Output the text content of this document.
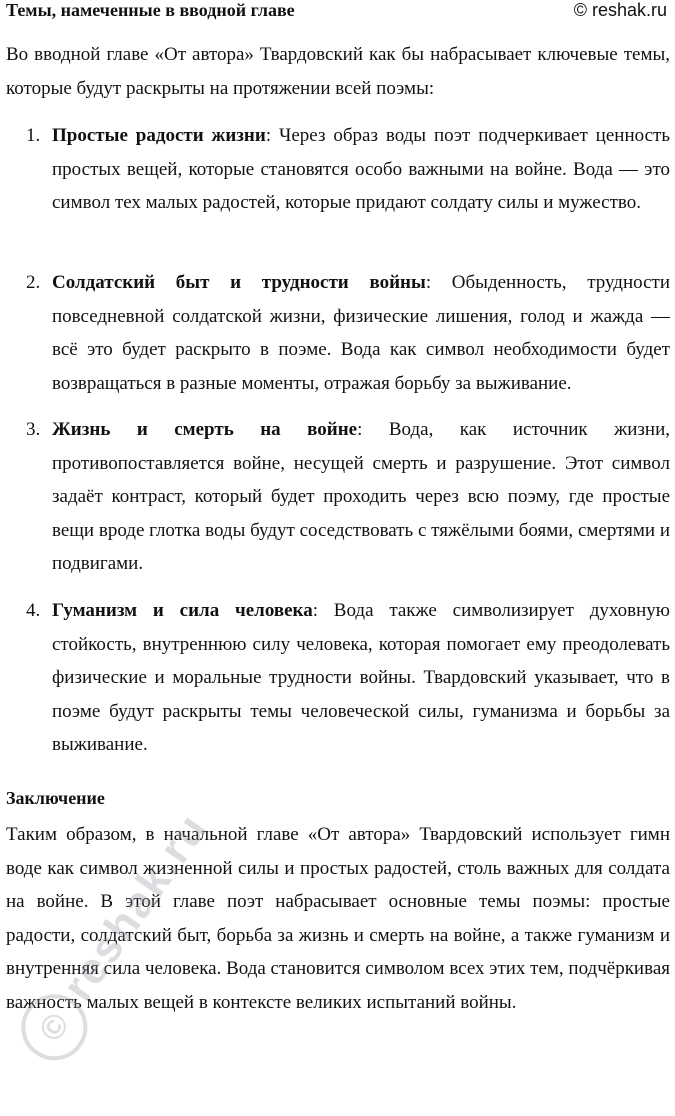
Темы, намеченные в вводной главе	© reshak.ru

Во вводной главе «От автора» Твардовский как бы набрасывает ключевые темы, которые будут раскрыты на протяжении всей поэмы:

1. Простые радости жизни: Через образ воды поэт подчеркивает ценность простых вещей, которые становятся особо важными на войне. Вода — это символ тех малых радостей, которые придают солдату силы и мужество.
2. Солдатский быт и трудности войны: Обыденность, трудности повседневной солдатской жизни, физические лишения, голод и жажда — всё это будет раскрыто в поэме. Вода как символ необходимости будет возвращаться в разные моменты, отражая борьбу за выживание.
3. Жизнь и смерть на войне: Вода, как источник жизни, противопоставляется войне, несущей смерть и разрушение. Этот символ задаёт контраст, который будет проходить через всю поэму, где простые вещи вроде глотка воды будут соседствовать с тяжёлыми боями, смертями и подвигами.
4. Гуманизм и сила человека: Вода также символизирует духовную стойкость, внутреннюю силу человека, которая помогает ему преодолевать физические и моральные трудности войны. Твардовский указывает, что в поэме будут раскрыты темы человеческой силы, гуманизма и борьбы за выживание.
Заключение

Таким образом, в начальной главе «От автора» Твардовский использует гимн воде как символ жизненной силы и простых радостей, столь важных для солдата на войне. В этой главе поэт набрасывает основные темы поэмы: простые радости, солдатский быт, борьба за жизнь и смерть на войне, а также гуманизм и внутренняя сила человека. Вода становится символом всех этих тем, подчёркивая важность малых вещей в контексте великих испытаний войны.

©
reshak.ru
